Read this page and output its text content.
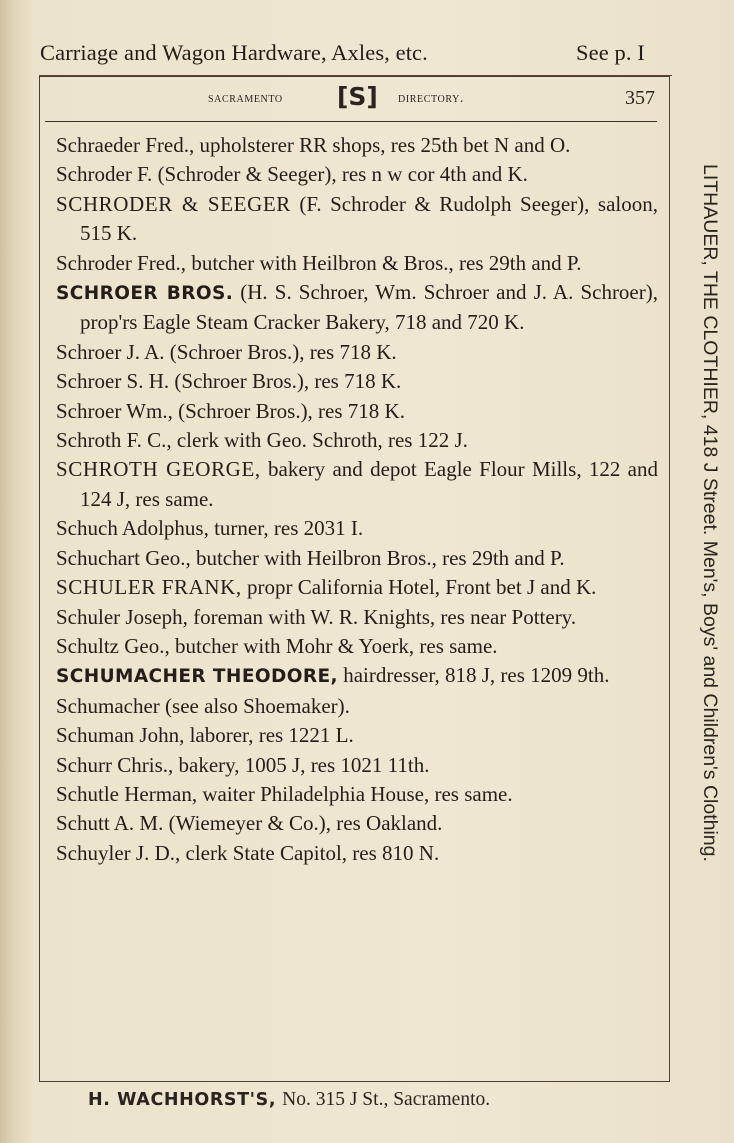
Carriage and Wagon Hardware, Axles, etc.	See p. I
sacramento [S] directory.	357
Schraeder Fred., upholsterer RR shops, res 25th bet N and O.
Schroder F. (Schroder & Seeger), res n w cor 4th and K.
SCHRODER & SEEGER (F. Schroder & Rudolph Seeger), saloon, 515 K.
Schroder Fred., butcher with Heilbron & Bros., res 29th and P.
SCHROER BROS. (H. S. Schroer, Wm. Schroer and J. A. Schroer), prop'rs Eagle Steam Cracker Bakery, 718 and 720 K.
Schroer J. A. (Schroer Bros.), res 718 K.
Schroer S. H. (Schroer Bros.), res 718 K.
Schroer Wm., (Schroer Bros.), res 718 K.
Schroth F. C., clerk with Geo. Schroth, res 122 J.
SCHROTH GEORGE, bakery and depot Eagle Flour Mills, 122 and 124 J, res same.
Schuch Adolphus, turner, res 2031 I.
Schuchart Geo., butcher with Heilbron Bros., res 29th and P.
SCHULER FRANK, propr California Hotel, Front bet J and K.
Schuler Joseph, foreman with W. R. Knights, res near Pottery.
Schultz Geo., butcher with Mohr & Yoerk, res same.
SCHUMACHER THEODORE, hairdresser, 818 J, res 1209 9th.
Schumacher (see also Shoemaker).
Schuman John, laborer, res 1221 L.
Schurr Chris., bakery, 1005 J, res 1021 11th.
Schutle Herman, waiter Philadelphia House, res same.
Schutt A. M. (Wiemeyer & Co.), res Oakland.
Schuyler J. D., clerk State Capitol, res 810 N.	LITHAUER, THE CLOTHIER, 418 J Street. Men's, Boys' and Children's Clothing.
H. WACHHORST'S, No. 315 J St., Sacramento.
